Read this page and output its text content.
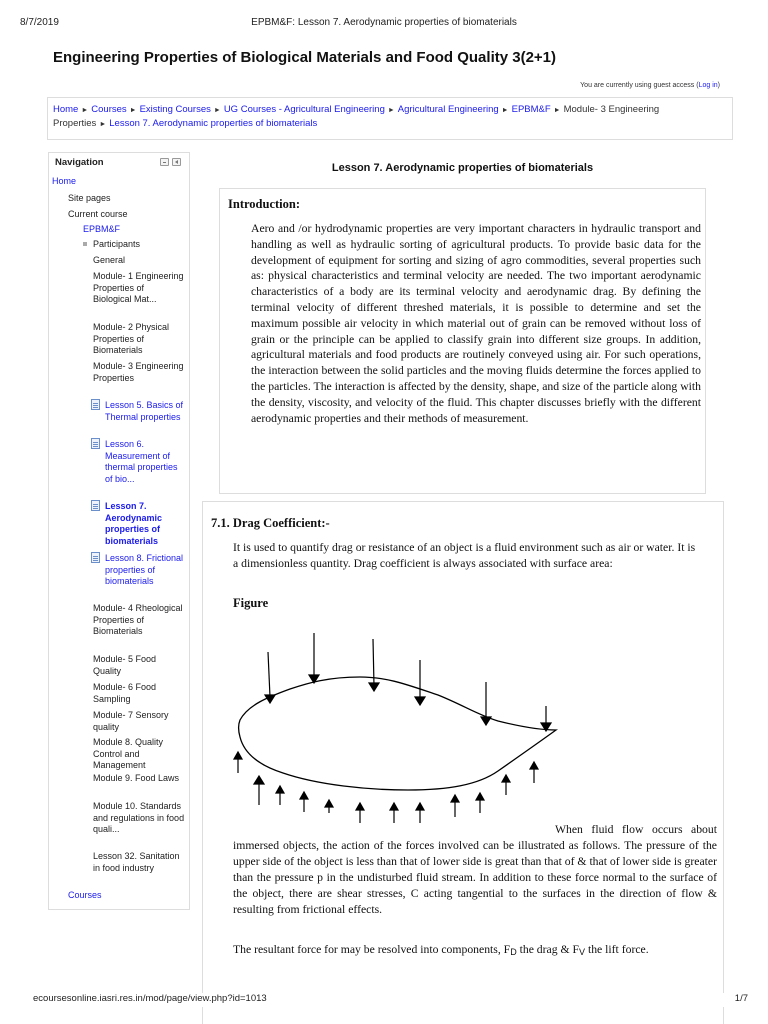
8/7/2019	EPBM&F: Lesson 7. Aerodynamic properties of biomaterials
Engineering Properties of Biological Materials and Food Quality 3(2+1)
You are currently using guest access (Log in)
Home ► Courses ► Existing Courses ► UG Courses - Agricultural Engineering ► Agricultural Engineering ► EPBM&F ► Module- 3 Engineering Properties ► Lesson 7. Aerodynamic properties of biomaterials
Navigation
Home
Site pages
Current course
EPBM&F
Participants
General
Module- 1 Engineering Properties of Biological Mat...
Module- 2 Physical Properties of Biomaterials
Module- 3 Engineering Properties
Lesson 5. Basics of Thermal properties
Lesson 6. Measurement of thermal properties of bio...
Lesson 7. Aerodynamic properties of biomaterials
Lesson 8. Frictional properties of biomaterials
Module- 4 Rheological Properties of Biomaterials
Module- 5 Food Quality
Module- 6 Food Sampling
Module- 7 Sensory quality
Module 8. Quality Control and Management
Module 9. Food Laws
Module 10. Standards and regulations in food quali...
Lesson 32. Sanitation in food industry
Courses
Lesson 7. Aerodynamic properties of biomaterials
Introduction:

Aero and /or hydrodynamic properties are very important characters in hydraulic transport and handling as well as hydraulic sorting of agricultural products. To provide basic data for the development of equipment for sorting and sizing of agro commodities, several properties such as: physical characteristics and terminal velocity are needed. The two important aerodynamic characteristics of a body are its terminal velocity and aerodynamic drag. By defining the terminal velocity of different threshed materials, it is possible to determine and set the maximum possible air velocity in which material out of grain can be removed without loss of grain or the principle can be applied to classify grain into different size groups. In addition, agricultural materials and food products are routinely conveyed using air. For such operations, the interaction between the solid particles and the moving fluids determine the forces applied to the particles. The interaction is affected by the density, shape, and size of the particle along with the density, viscosity, and velocity of the fluid. This chapter discusses briefly with the different aerodynamic properties and their methods of measurement.

7.1. Drag Coefficient:-
It is used to quantify drag or resistance of an object is a fluid environment such as air or water. It is a dimensionless quantity. Drag coefficient is always associated with surface area:
Figure
When fluid flow occurs about immersed objects, the action of the forces involved can be illustrated as follows. The pressure of the upper side of the object is less than that of lower side is great than that of & that of lower side is greater than the pressure p in the undisturbed fluid stream. In addition to these force normal to the surface of the object, there are shear stresses, C acting tangential to the surfaces in the direction of flow & resulting from frictional effects.
The resultant force for may be resolved into components, $F_D$ the drag & $F_V$ the lift force.
ecoursesonline.iasri.res.in/mod/page/view.php?id=1013	1/7
